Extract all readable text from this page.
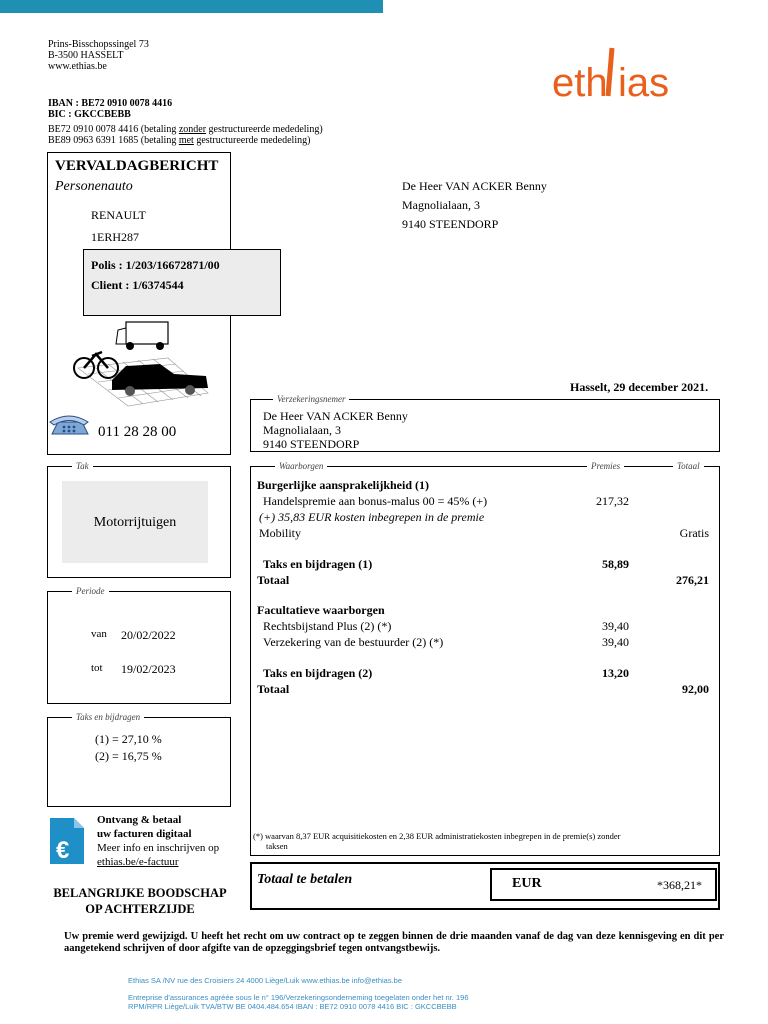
Prins-Bisschopssingel 73
B-3500 HASSELT
www.ethias.be
IBAN : BE72 0910 0078 4416
BIC : GKCCBEBB
BE72 0910 0078 4416 (betaling zonder gestructureerde mededeling)
BE89 0963 6391 1685 (betaling met gestructureerde mededeling)
eth ias
VERVALDAGBERICHT
Personenauto
RENAULT
1ERH287
Polis : 1/203/16672871/00
Client : 1/6374544
011 28 28 00
De Heer VAN ACKER Benny
Magnolialaan, 3
9140 STEENDORP
Hasselt, 29 december 2021.
Verzekeringsnemer
De Heer VAN ACKER Benny
Magnolialaan, 3
9140 STEENDORP
Tak
Motorrijtuigen
Periode
van 20/02/2022
tot 19/02/2023
Taks en bijdragen
(1) = 27,10 %
(2) = 16,75 %
Waarborgen	Premies	Totaal
Burgerlijke aansprakelijkheid (1)
Handelspremie aan bonus-malus 00 = 45% (+)	217,32
(+) 35,83 EUR kosten inbegrepen in de premie
Mobility	Gratis
Taks en bijdragen (1)	58,89
Totaal	276,21
Facultatieve waarborgen
Rechtsbijstand Plus (2) (*)	39,40
Verzekering van de bestuurder (2) (*)	39,40
Taks en bijdragen (2)	13,20
Totaal	92,00
(*) waarvan 8,37 EUR acquisitiekosten en 2,38 EUR administratiekosten inbegrepen in de premie(s) zonder
taksen
€
Ontvang & betaal
uw facturen digitaal
Meer info en inschrijven op
ethias.be/e-factuur
Totaal te betalen	EUR	*368,21*
BELANGRIJKE BOODSCHAP
OP ACHTERZIJDE
Uw premie werd gewijzigd. U heeft het recht om uw contract op te zeggen binnen de drie maanden vanaf de dag van deze kennisgeving en dit per aangetekend schrijven of door afgifte van de opzeggingsbrief tegen ontvangstbewijs.
Ethias SA /NV rue des Croisiers 24 4000 Liège/Luik www.ethias.be info@ethias.be
Entreprise d'assurances agréée sous le n° 196/Verzekeringsonderneming toegelaten onder het nr. 196
RPM/RPR Liège/Luik TVA/BTW BE 0404.484.654 IBAN : BE72 0910 0078 4416 BIC : GKCCBEBB
